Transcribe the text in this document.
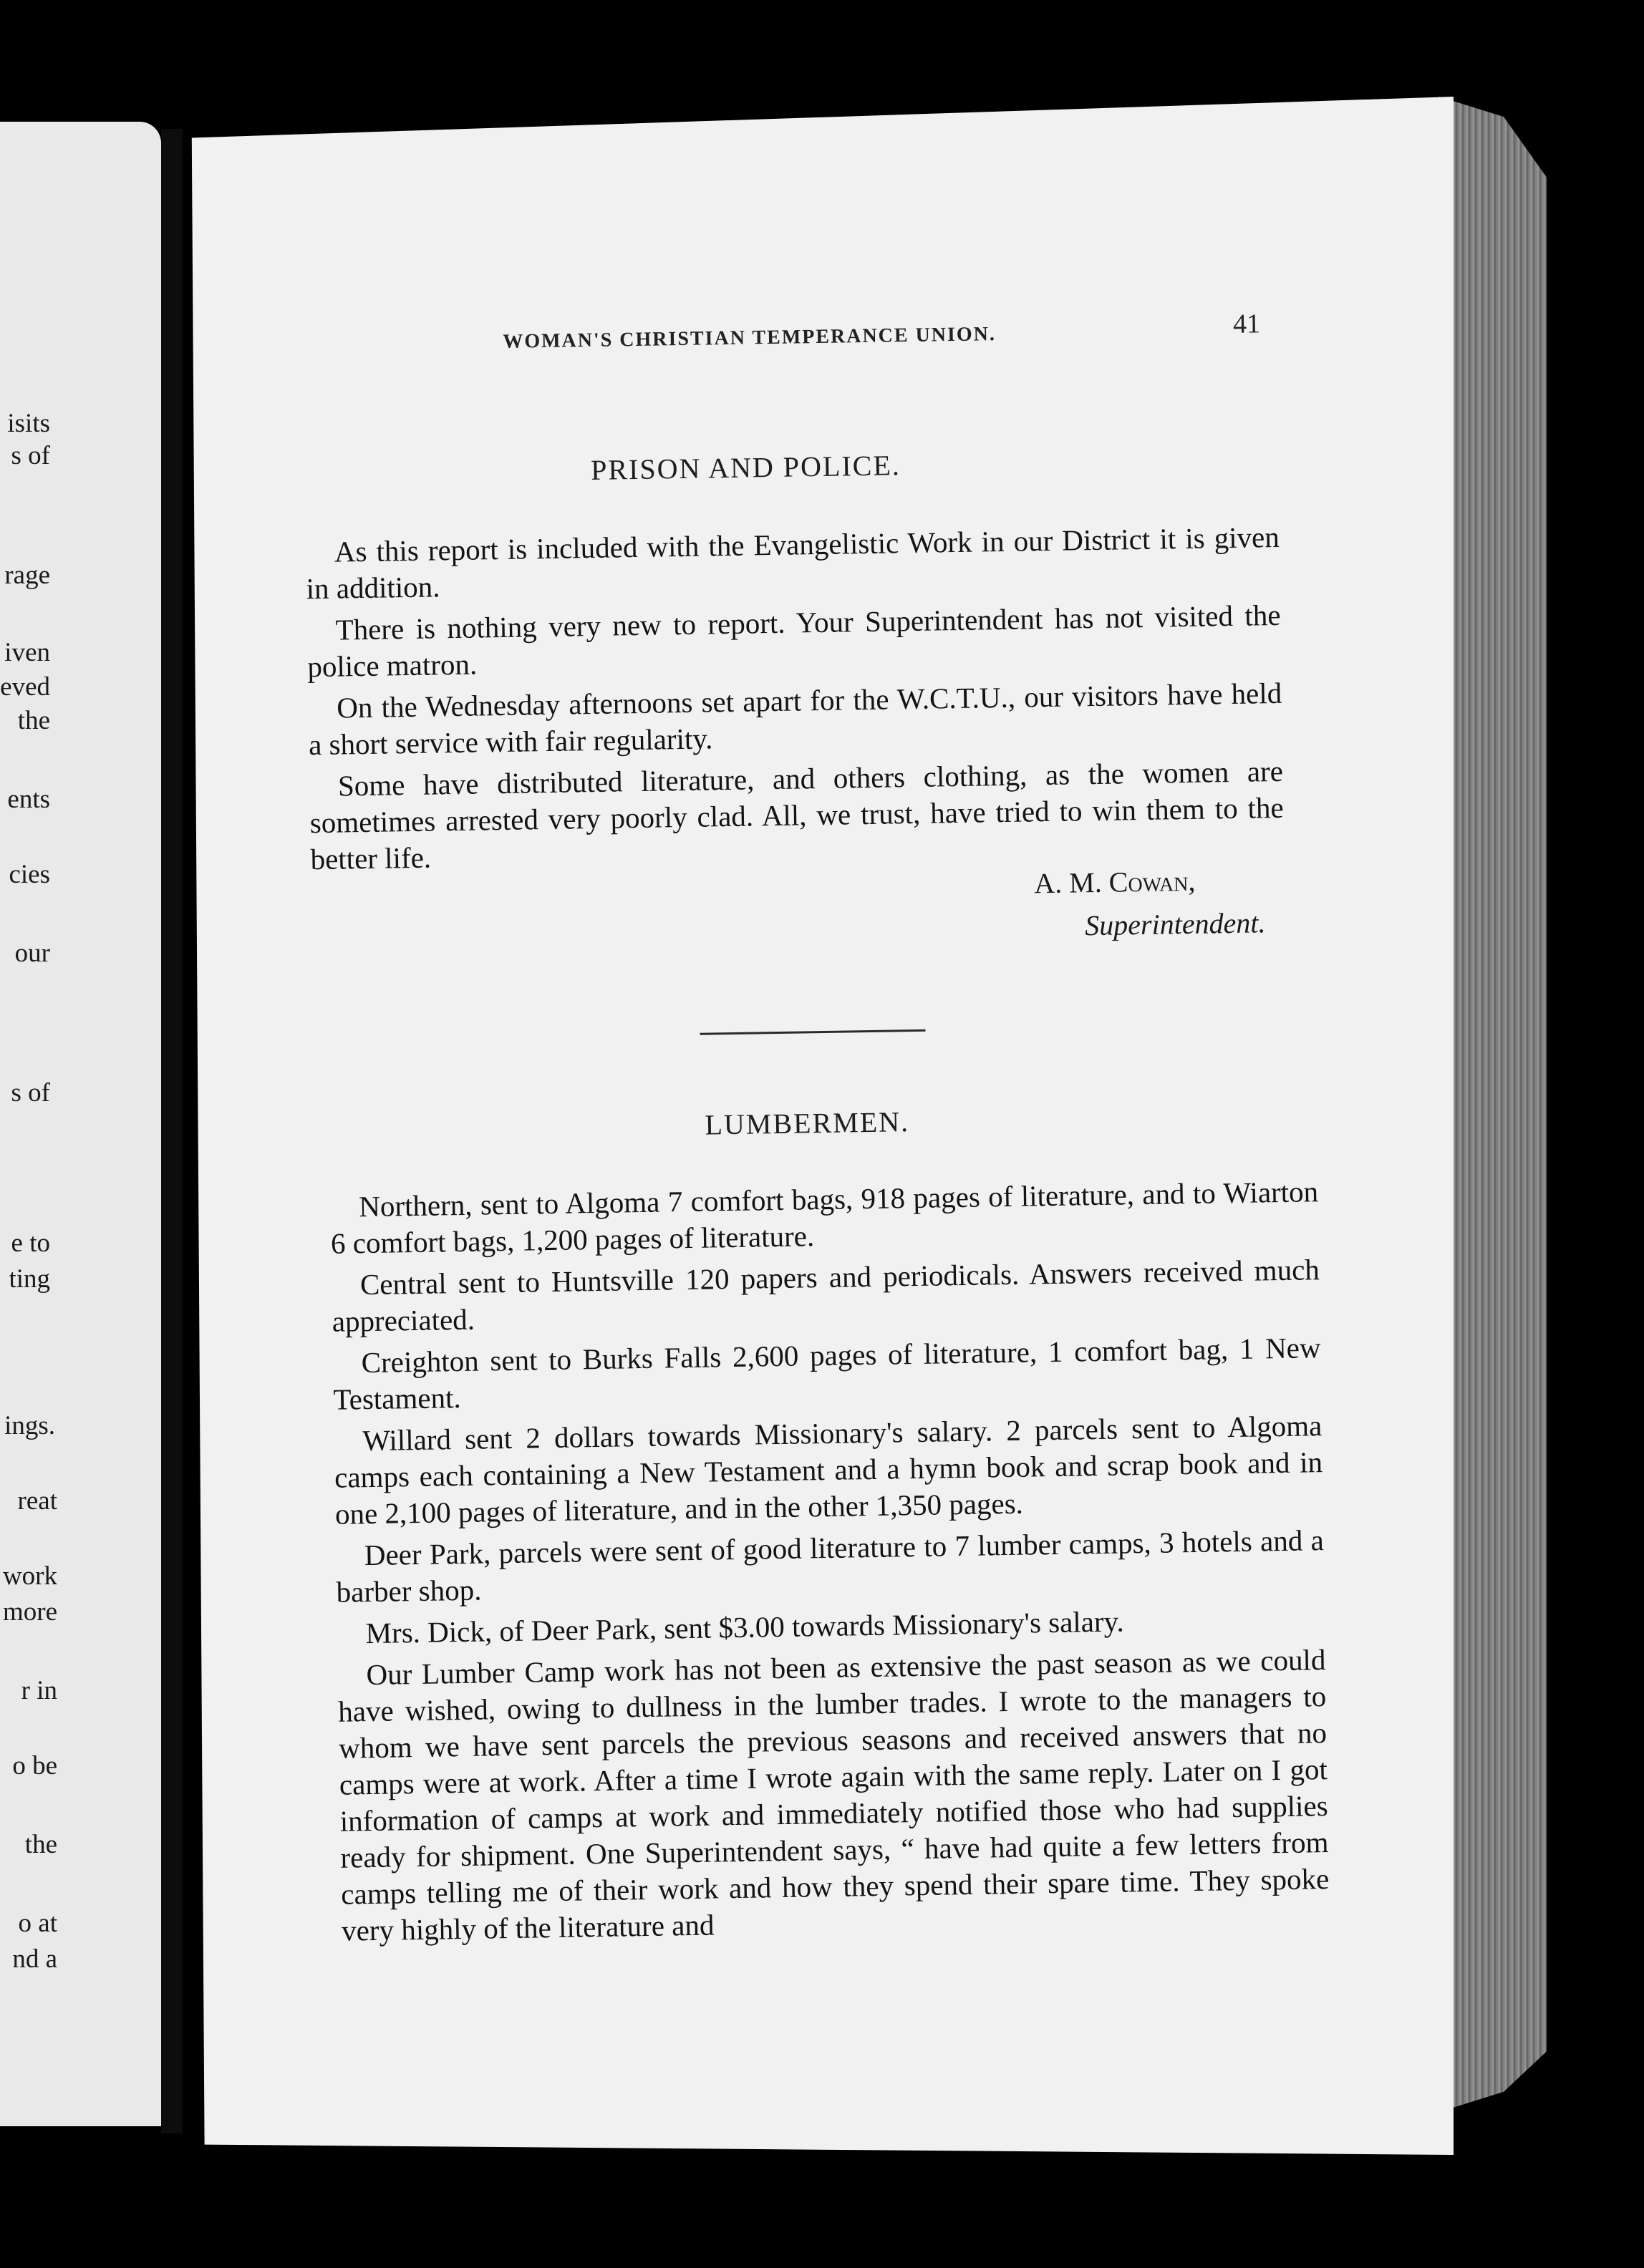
isits
s of
rage
iven
eved
the
ents
cies
our
s of
e to
ting
ings.
reat
work
more
r in
o be
the
o at
nd a
WOMAN'S CHRISTIAN TEMPERANCE UNION.	41
PRISON AND POLICE.

As this report is included with the Evangelistic Work in our District it is given in addition.

There is nothing very new to report. Your Superintendent has not visited the police matron.

On the Wednesday afternoons set apart for the W.C.T.U., our visitors have held a short service with fair regularity.

Some have distributed literature, and others clothing, as the women are sometimes arrested very poorly clad. All, we trust, have tried to win them to the better life.

A. M. Cowan,
Superintendent.
LUMBERMEN.

Northern, sent to Algoma 7 comfort bags, 918 pages of literature, and to Wiarton 6 comfort bags, 1,200 pages of literature.

Central sent to Huntsville 120 papers and periodicals. Answers received much appreciated.

Creighton sent to Burks Falls 2,600 pages of literature, 1 comfort bag, 1 New Testament.

Willard sent 2 dollars towards Missionary's salary. 2 parcels sent to Algoma camps each containing a New Testament and a hymn book and scrap book and in one 2,100 pages of literature, and in the other 1,350 pages.

Deer Park, parcels were sent of good literature to 7 lumber camps, 3 hotels and a barber shop.

Mrs. Dick, of Deer Park, sent $3.00 towards Missionary's salary.

Our Lumber Camp work has not been as extensive the past season as we could have wished, owing to dullness in the lumber trades. I wrote to the managers to whom we have sent parcels the previous seasons and received answers that no camps were at work. After a time I wrote again with the same reply. Later on I got information of camps at work and immediately notified those who had supplies ready for shipment. One Superintendent says, “ have had quite a few letters from camps telling me of their work and how they spend their spare time. They spoke very highly of the literature and
